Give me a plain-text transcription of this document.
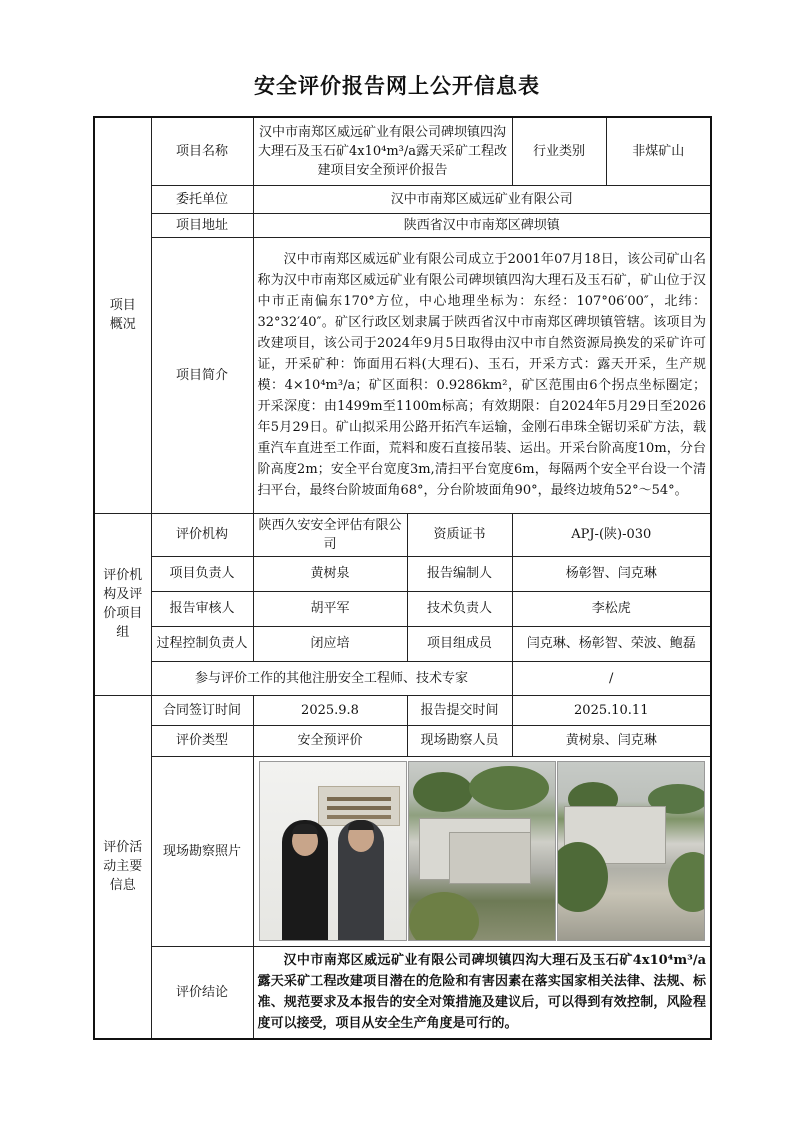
安全评价报告网上公开信息表
项目
概况	项目名称	汉中市南郑区威远矿业有限公司碑坝镇四沟大理石及玉石矿4x10⁴m³/a露天采矿工程改建项目安全预评价报告		行业类别	非煤矿山
	委托单位	汉中市南郑区威远矿业有限公司			
	项目地址	陕西省汉中市南郑区碑坝镇			
	项目简介	汉中市南郑区威远矿业有限公司成立于2001年07月18日，该公司矿山名称为汉中市南郑区威远矿业有限公司碑坝镇四沟大理石及玉石矿，矿山位于汉中市正南偏东170°方位，中心地理坐标为：东经：107°06′00″，北纬：32°32′40″。矿区行政区划隶属于陕西省汉中市南郑区碑坝镇管辖。该项目为改建项目，该公司于2024年9月5日取得由汉中市自然资源局换发的采矿许可证，开采矿种：饰面用石料(大理石)、玉石，开采方式：露天开采，生产规模：4×10⁴m³/a；矿区面积：0.9286km²，矿区范围由6个拐点坐标圈定；开采深度：由1499m至1100m标高；有效期限：自2024年5月29日至2026年5月29日。矿山拟采用公路开拓汽车运输，金刚石串珠全锯切采矿方法，载重汽车直进至工作面，荒料和废石直接吊装、运出。开采台阶高度10m，分台阶高度2m；安全平台宽度3m,清扫平台宽度6m，每隔两个安全平台设一个清扫平台，最终台阶坡面角68°，分台阶坡面角90°，最终边坡角52°～54°。			
评价机
构及评
价项目
组	评价机构	陕西久安安全评估有限公司	资质证书	APJ-(陕)-030	
	项目负责人	黄树泉	报告编制人	杨彰智、闫克琳	
	报告审核人	胡平军	技术负责人	李松虎	
	过程控制负责人	闭应培	项目组成员	闫克琳、杨彰智、荣波、鲍磊	
	参与评价工作的其他注册安全工程师、技术专家			/	
评价活
动主要
信息	合同签订时间	2025.9.8	报告提交时间	2025.10.11	
	评价类型	安全预评价	现场勘察人员	黄树泉、闫克琳	
	现场勘察照片				

	评价结论	汉中市南郑区威远矿业有限公司碑坝镇四沟大理石及玉石矿4x10⁴m³/a露天采矿工程改建项目潜在的危险和有害因素在落实国家相关法律、法规、标准、规范要求及本报告的安全对策措施及建议后，可以得到有效控制，风险程度可以接受，项目从安全生产角度是可行的。			
